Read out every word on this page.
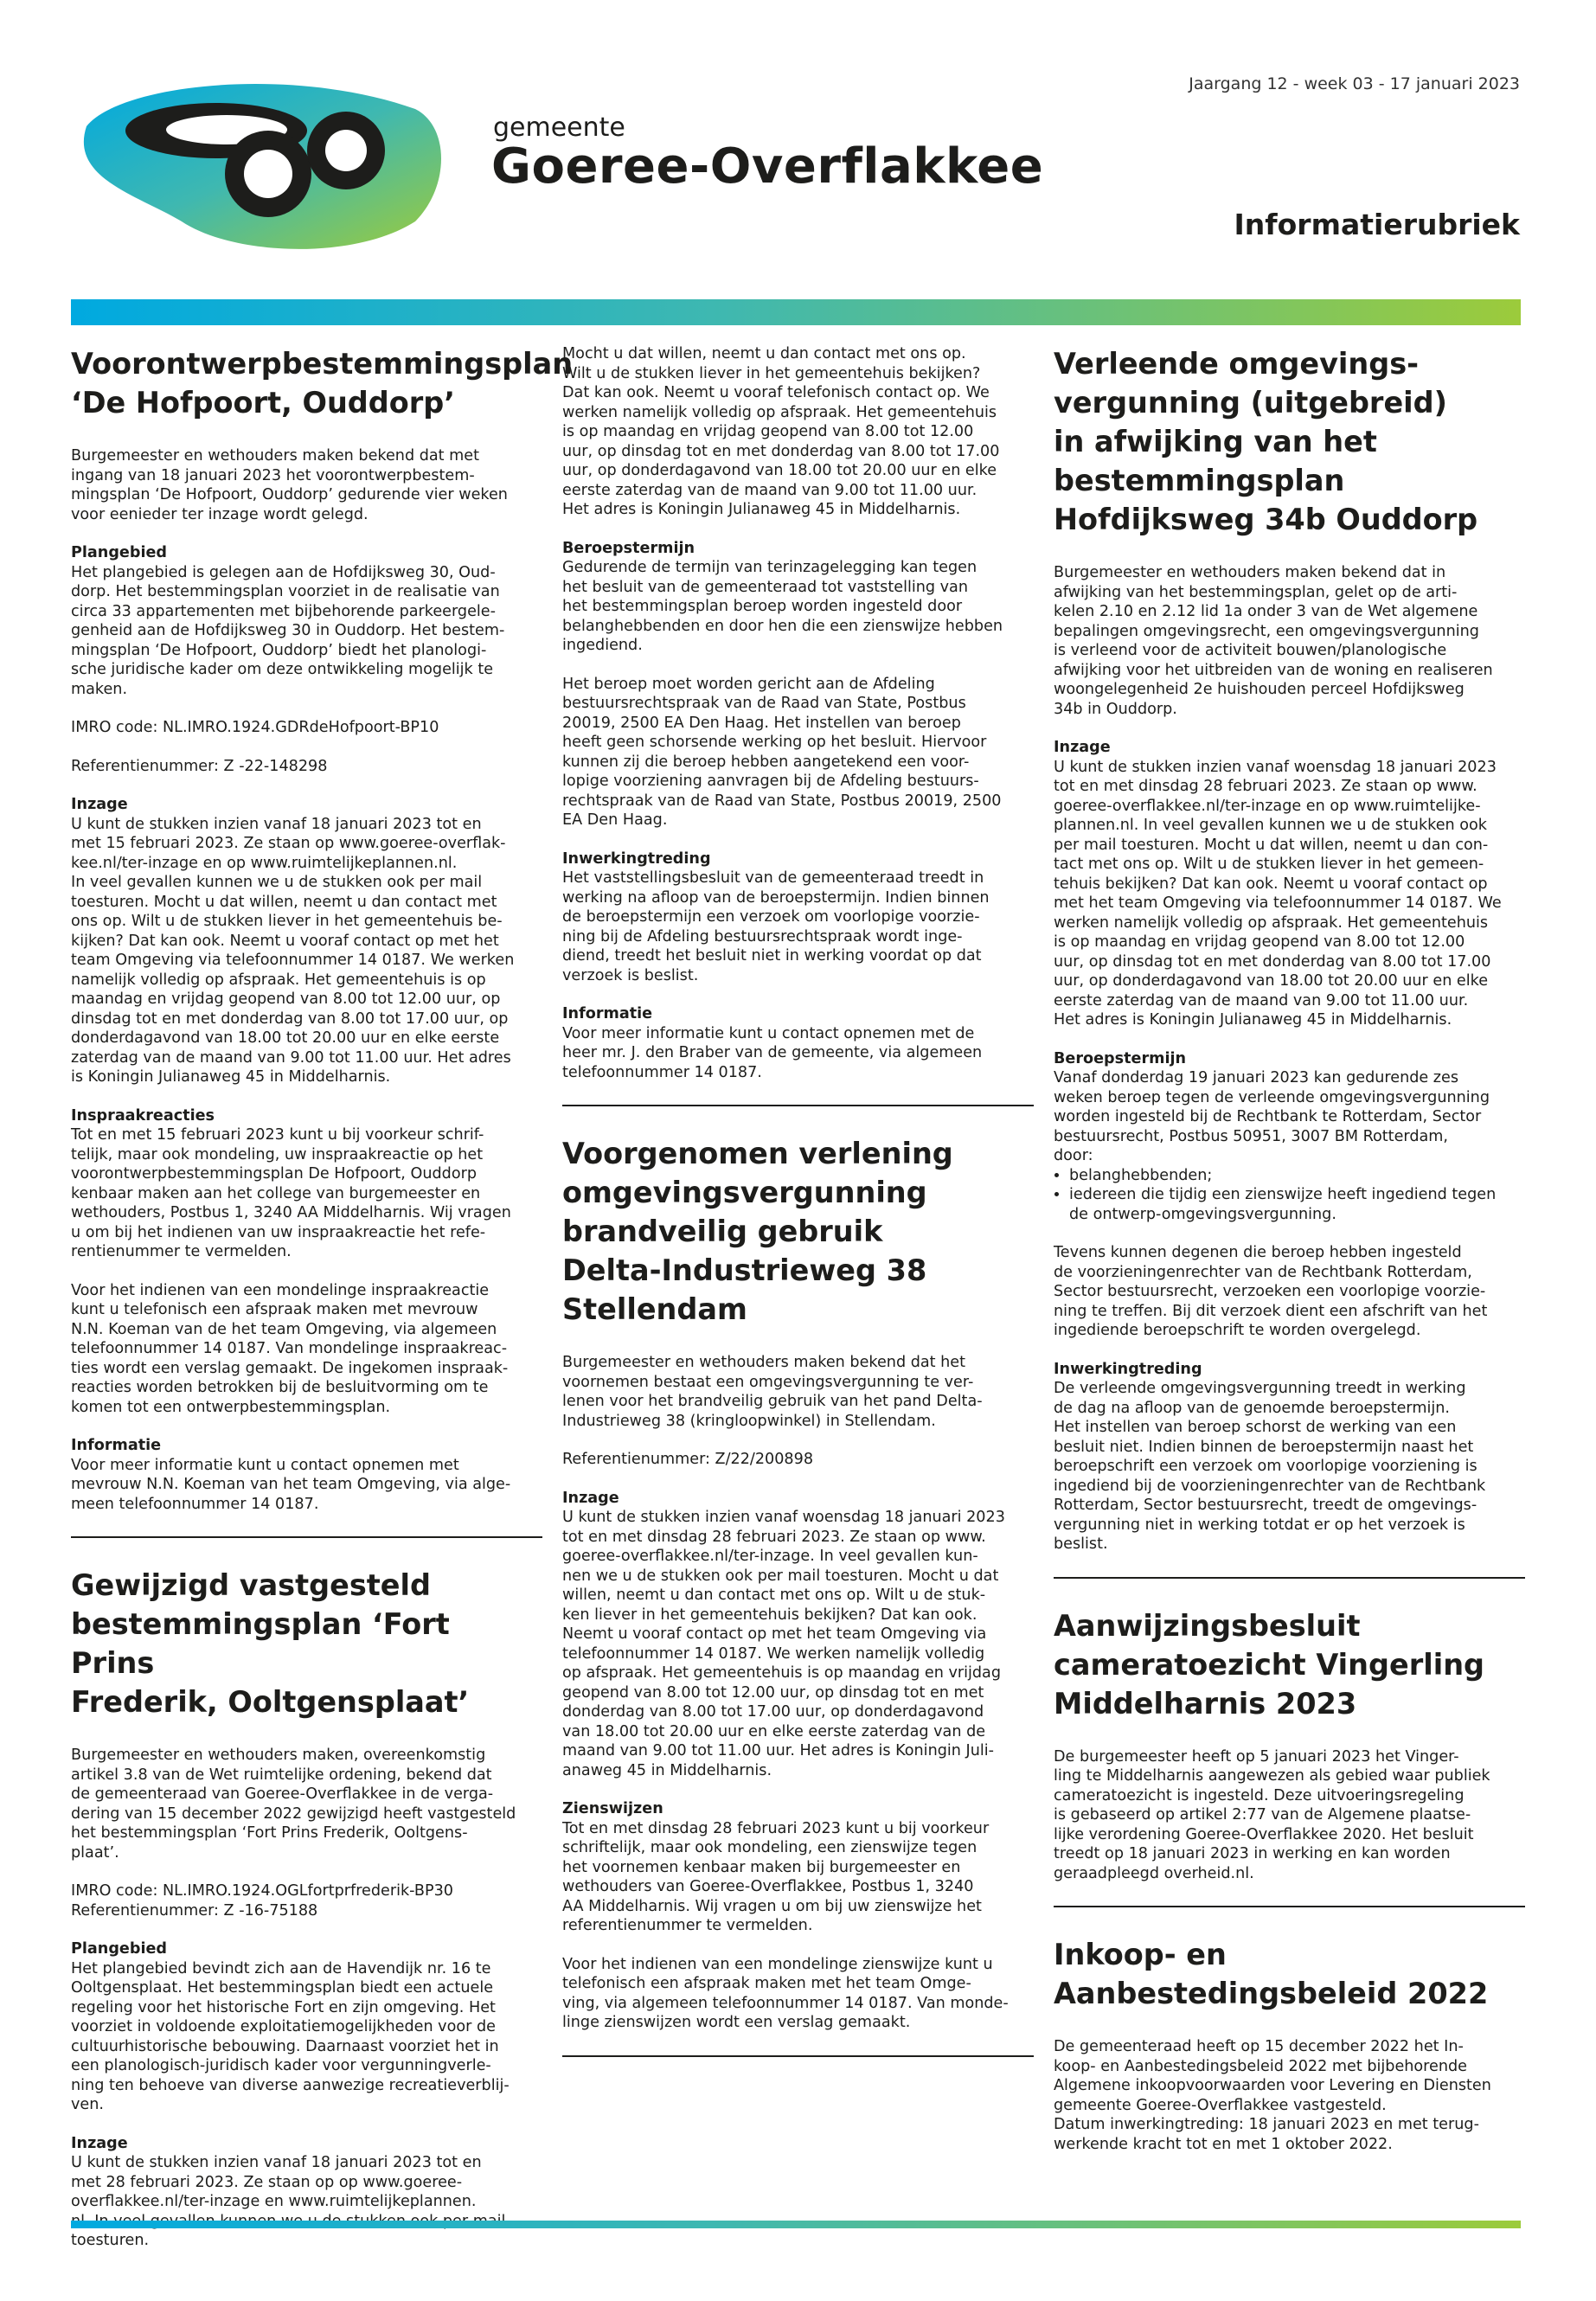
Jaargang 12 - week 03 - 17 januari 2023
gemeente
Goeree-Overflakkee
Informatierubriek
Voorontwerpbestemmingsplan
‘De Hofpoort, Ouddorp’

Burgemeester en wethouders maken bekend dat met
ingang van 18 januari 2023 het voorontwerpbestem-
mingsplan ‘De Hofpoort, Ouddorp’ gedurende vier weken
voor eenieder ter inzage wordt gelegd.

Plangebied

Het plangebied is gelegen aan de Hofdijksweg 30, Oud-
dorp. Het bestemmingsplan voorziet in de realisatie van
circa 33 appartementen met bijbehorende parkeergele-
genheid aan de Hofdijksweg 30 in Ouddorp. Het bestem-
mingsplan ‘De Hofpoort, Ouddorp’ biedt het planologi-
sche juridische kader om deze ontwikkeling mogelijk te
maken.

IMRO code: NL.IMRO.1924.GDRdeHofpoort-BP10

Referentienummer: Z -22-148298

Inzage

U kunt de stukken inzien vanaf 18 januari 2023 tot en
met 15 februari 2023. Ze staan op www.goeree-overflak-
kee.nl/ter-inzage en op www.ruimtelijkeplannen.nl.
In veel gevallen kunnen we u de stukken ook per mail
toesturen. Mocht u dat willen, neemt u dan contact met
ons op. Wilt u de stukken liever in het gemeentehuis be-
kijken? Dat kan ook. Neemt u vooraf contact op met het
team Omgeving via telefoonnummer 14 0187. We werken
namelijk volledig op afspraak. Het gemeentehuis is op
maandag en vrijdag geopend van 8.00 tot 12.00 uur, op
dinsdag tot en met donderdag van 8.00 tot 17.00 uur, op
donderdagavond van 18.00 tot 20.00 uur en elke eerste
zaterdag van de maand van 9.00 tot 11.00 uur. Het adres
is Koningin Julianaweg 45 in Middelharnis.

Inspraakreacties

Tot en met 15 februari 2023 kunt u bij voorkeur schrif-
telijk, maar ook mondeling, uw inspraakreactie op het
voorontwerpbestemmingsplan De Hofpoort, Ouddorp
kenbaar maken aan het college van burgemeester en
wethouders, Postbus 1, 3240 AA Middelharnis. Wij vragen
u om bij het indienen van uw inspraakreactie het refe-
rentienummer te vermelden.

Voor het indienen van een mondelinge inspraakreactie
kunt u telefonisch een afspraak maken met mevrouw
N.N. Koeman van de het team Omgeving, via algemeen
telefoonnummer 14 0187. Van mondelinge inspraakreac-
ties wordt een verslag gemaakt. De ingekomen inspraak-
reacties worden betrokken bij de besluitvorming om te
komen tot een ontwerpbestemmingsplan.

Informatie

Voor meer informatie kunt u contact opnemen met
mevrouw N.N. Koeman van het team Omgeving, via alge-
meen telefoonnummer 14 0187.

Gewijzigd vastgesteld
bestemmingsplan ‘Fort Prins
Frederik, Ooltgensplaat’

Burgemeester en wethouders maken, overeenkomstig
artikel 3.8 van de Wet ruimtelijke ordening, bekend dat
de gemeenteraad van Goeree-Overflakkee in de verga-
dering van 15 december 2022 gewijzigd heeft vastgesteld
het bestemmingsplan ‘Fort Prins Frederik, Ooltgens-
plaat’.

IMRO code: NL.IMRO.1924.OGLfortprfrederik-BP30
Referentienummer: Z -16-75188

Plangebied

Het plangebied bevindt zich aan de Havendijk nr. 16 te
Ooltgensplaat. Het bestemmingsplan biedt een actuele
regeling voor het historische Fort en zijn omgeving. Het
voorziet in voldoende exploitatiemogelijkheden voor de
cultuurhistorische bebouwing. Daarnaast voorziet het in
een planologisch-juridisch kader voor vergunningverle-
ning ten behoeve van diverse aanwezige recreatieverblij-
ven.

Inzage

U kunt de stukken inzien vanaf 18 januari 2023 tot en
met 28 februari 2023. Ze staan op op www.goeree-
overflakkee.nl/ter-inzage en www.ruimtelijkeplannen.

toesturen.

Mocht u dat willen, neemt u dan contact met ons op.
Wilt u de stukken liever in het gemeentehuis bekijken?
Dat kan ook. Neemt u vooraf telefonisch contact op. We
werken namelijk volledig op afspraak. Het gemeentehuis
is op maandag en vrijdag geopend van 8.00 tot 12.00
uur, op dinsdag tot en met donderdag van 8.00 tot 17.00
uur, op donderdagavond van 18.00 tot 20.00 uur en elke
eerste zaterdag van de maand van 9.00 tot 11.00 uur.
Het adres is Koningin Julianaweg 45 in Middelharnis.

Beroepstermijn

Gedurende de termijn van terinzagelegging kan tegen
het besluit van de gemeenteraad tot vaststelling van
het bestemmingsplan beroep worden ingesteld door
belanghebbenden en door hen die een zienswijze hebben
ingediend.

Het beroep moet worden gericht aan de Afdeling
bestuursrechtspraak van de Raad van State, Postbus
20019, 2500 EA Den Haag. Het instellen van beroep
heeft geen schorsende werking op het besluit. Hiervoor
kunnen zij die beroep hebben aangetekend een voor-
lopige voorziening aanvragen bij de Afdeling bestuurs-
rechtspraak van de Raad van State, Postbus 20019, 2500
EA Den Haag.

Inwerkingtreding

Het vaststellingsbesluit van de gemeenteraad treedt in
werking na afloop van de beroepstermijn. Indien binnen
de beroepstermijn een verzoek om voorlopige voorzie-
ning bij de Afdeling bestuursrechtspraak wordt inge-
diend, treedt het besluit niet in werking voordat op dat
verzoek is beslist.

Informatie

Voor meer informatie kunt u contact opnemen met de
heer mr. J. den Braber van de gemeente, via algemeen
telefoonnummer 14 0187.

Voorgenomen verlening
omgevingsvergunning
brandveilig gebruik
Delta-Industrieweg 38
Stellendam

Burgemeester en wethouders maken bekend dat het
voornemen bestaat een omgevingsvergunning te ver-
lenen voor het brandveilig gebruik van het pand Delta-
Industrieweg 38 (kringloopwinkel) in Stellendam.

Referentienummer: Z/22/200898

Inzage

U kunt de stukken inzien vanaf woensdag 18 januari 2023
tot en met dinsdag 28 februari 2023. Ze staan op www.
goeree-overflakkee.nl/ter-inzage. In veel gevallen kun-
nen we u de stukken ook per mail toesturen. Mocht u dat
willen, neemt u dan contact met ons op. Wilt u de stuk-
ken liever in het gemeentehuis bekijken? Dat kan ook.
Neemt u vooraf contact op met het team Omgeving via
telefoonnummer 14 0187. We werken namelijk volledig
op afspraak. Het gemeentehuis is op maandag en vrijdag
geopend van 8.00 tot 12.00 uur, op dinsdag tot en met
donderdag van 8.00 tot 17.00 uur, op donderdagavond
van 18.00 tot 20.00 uur en elke eerste zaterdag van de
maand van 9.00 tot 11.00 uur. Het adres is Koningin Juli-
anaweg 45 in Middelharnis.

Zienswijzen

Tot en met dinsdag 28 februari 2023 kunt u bij voorkeur
schriftelijk, maar ook mondeling, een zienswijze tegen
het voornemen kenbaar maken bij burgemeester en
wethouders van Goeree-Overflakkee, Postbus 1, 3240
AA Middelharnis. Wij vragen u om bij uw zienswijze het
referentienummer te vermelden.

Voor het indienen van een mondelinge zienswijze kunt u
telefonisch een afspraak maken met het team Omge-
ving, via algemeen telefoonnummer 14 0187. Van monde-
linge zienswijzen wordt een verslag gemaakt.

Verleende omgevings-
vergunning (uitgebreid)
in afwijking van het
bestemmingsplan
Hofdijksweg 34b Ouddorp

Burgemeester en wethouders maken bekend dat in
afwijking van het bestemmingsplan, gelet op de arti-
kelen 2.10 en 2.12 lid 1a onder 3 van de Wet algemene
bepalingen omgevingsrecht, een omgevingsvergunning
is verleend voor de activiteit bouwen/planologische
afwijking voor het uitbreiden van de woning en realiseren
woongelegenheid 2e huishouden perceel Hofdijksweg
34b in Ouddorp.

Inzage

U kunt de stukken inzien vanaf woensdag 18 januari 2023
tot en met dinsdag 28 februari 2023. Ze staan op www.
goeree-overflakkee.nl/ter-inzage en op www.ruimtelijke-
plannen.nl. In veel gevallen kunnen we u de stukken ook
per mail toesturen. Mocht u dat willen, neemt u dan con-
tact met ons op. Wilt u de stukken liever in het gemeen-
tehuis bekijken? Dat kan ook. Neemt u vooraf contact op
met het team Omgeving via telefoonnummer 14 0187. We
werken namelijk volledig op afspraak. Het gemeentehuis
is op maandag en vrijdag geopend van 8.00 tot 12.00
uur, op dinsdag tot en met donderdag van 8.00 tot 17.00
uur, op donderdagavond van 18.00 tot 20.00 uur en elke
eerste zaterdag van de maand van 9.00 tot 11.00 uur.
Het adres is Koningin Julianaweg 45 in Middelharnis.

Beroepstermijn

Vanaf donderdag 19 januari 2023 kan gedurende zes
weken beroep tegen de verleende omgevingsvergunning
worden ingesteld bij de Rechtbank te Rotterdam, Sector
bestuursrecht, Postbus 50951, 3007 BM Rotterdam,
door:

• belanghebbenden;
• iedereen die tijdig een zienswijze heeft ingediend tegen
de ontwerp-omgevingsvergunning.

Tevens kunnen degenen die beroep hebben ingesteld
de voorzieningenrechter van de Rechtbank Rotterdam,
Sector bestuursrecht, verzoeken een voorlopige voorzie-
ning te treffen. Bij dit verzoek dient een afschrift van het
ingediende beroepschrift te worden overgelegd.

Inwerkingtreding

De verleende omgevingsvergunning treedt in werking
de dag na afloop van de genoemde beroepstermijn.
Het instellen van beroep schorst de werking van een
besluit niet. Indien binnen de beroepstermijn naast het
beroepschrift een verzoek om voorlopige voorziening is
ingediend bij de voorzieningenrechter van de Rechtbank
Rotterdam, Sector bestuursrecht, treedt de omgevings-
vergunning niet in werking totdat er op het verzoek is
beslist.

Aanwijzingsbesluit
cameratoezicht Vingerling
Middelharnis 2023

De burgemeester heeft op 5 januari 2023 het Vinger-
ling te Middelharnis aangewezen als gebied waar publiek
cameratoezicht is ingesteld. Deze uitvoeringsregeling
is gebaseerd op artikel 2:77 van de Algemene plaatse-
lijke verordening Goeree-Overflakkee 2020. Het besluit
treedt op 18 januari 2023 in werking en kan worden
geraadpleegd overheid.nl.

Inkoop- en
Aanbestedingsbeleid 2022

De gemeenteraad heeft op 15 december 2022 het In-
koop- en Aanbestedingsbeleid 2022 met bijbehorende
Algemene inkoopvoorwaarden voor Levering en Diensten
gemeente Goeree-Overflakkee vastgesteld.
Datum inwerkingtreding: 18 januari 2023 en met terug-
werkende kracht tot en met 1 oktober 2022.
